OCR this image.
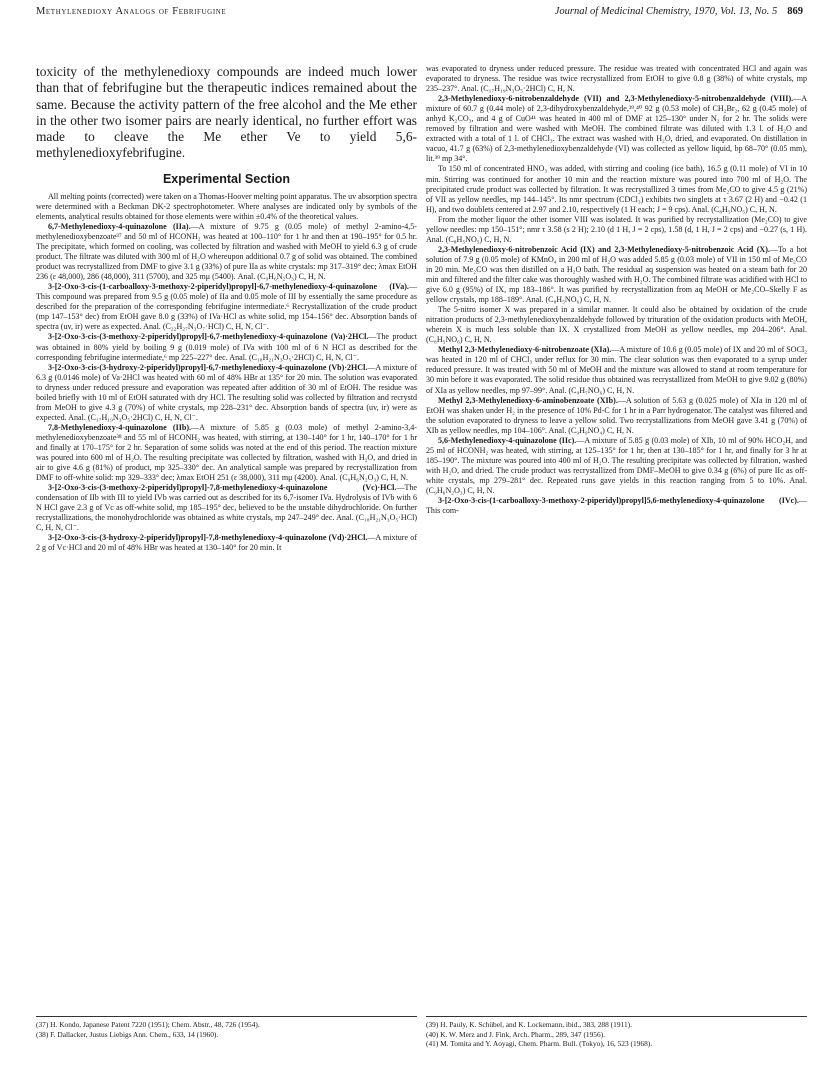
Methylenedioxy Analogs of Febrifugine	Journal of Medicinal Chemistry, 1970, Vol. 13, No. 5 869
toxicity of the methylenedioxy compounds are indeed much lower than that of febrifugine but the therapeutic indices remained about the same. Because the activity pattern of the free alcohol and the Me ether in the other two isomer pairs are nearly identical, no further effort was made to cleave the Me ether Ve to yield 5,6-methylenedioxyfebrifugine.
Experimental Section

All melting points (corrected) were taken on a Thomas-Hoover melting point apparatus. The uv absorption spectra were determined with a Beckman DK-2 spectrophotometer. Where analyses are indicated only by symbols of the elements, analytical results obtained for those elements were within ±0.4% of the theoretical values.

6,7-Methylenedioxy-4-quinazolone (IIa).—A mixture of 9.75 g (0.05 mole) of methyl 2-amino-4,5-methylenedioxybenzoate³⁷ and 50 ml of HCONH₂ was heated at 100–110° for 1 hr and then at 190–195° for 0.5 hr. The precipitate, which formed on cooling, was collected by filtration and washed with MeOH to yield 6.3 g of crude product. The filtrate was diluted with 300 ml of H₂O whereupon additional 0.7 g of solid was obtained. The combined product was recrystallized from DMF to give 3.1 g (33%) of pure IIa as white crystals: mp 317–319° dec; λmax EtOH 236 (ε 48,000), 286 (48,000), 311 (5700), and 325 mμ (5400). Anal. (C₉H₆N₂O₃) C, H, N.

3-[2-Oxo-3-cis-(1-carboalloxy-3-methoxy-2-piperidyl)propyl]-6,7-methylenedioxy-4-quinazolone (IVa).—This compound was prepared from 9.5 g (0.05 mole) of IIa and 0.05 mole of III by essentially the same procedure as described for the preparation of the corresponding febrifugine intermediate.⁶ Recrystallization of the crude product (mp 147–153° dec) from EtOH gave 8.0 g (33%) of IVa·HCl as white solid, mp 154–156° dec. Absorption bands of spectra (uv, ir) were as expected. Anal. (C₂₂H₂₇N₃O₇·HCl) C, H, N, Cl⁻.

3-[2-Oxo-3-cis-(3-methoxy-2-piperidyl)propyl]-6,7-methylenedioxy-4-quinazolone (Va)·2HCl.—The product was obtained in 80% yield by boiling 9 g (0.019 mole) of IVa with 100 ml of 6 N HCl as described for the corresponding febrifugine intermediate,⁶ mp 225–227° dec. Anal. (C₁₈H₂₁N₃O₅·2HCl) C, H, N, Cl⁻.

3-[2-Oxo-3-cis-(3-hydroxy-2-piperidyl)propyl]-6,7-methylenedioxy-4-quinazolone (Vb)·2HCl.—A mixture of 6.3 g (0.0146 mole) of Va·2HCl was heated with 60 ml of 48% HBr at 135° for 20 min. The solution was evaporated to dryness under reduced pressure and evaporation was repeated after addition of 30 ml of EtOH. The residue was boiled briefly with 10 ml of EtOH saturated with dry HCl. The resulting solid was collected by filtration and recrystd from MeOH to give 4.3 g (70%) of white crystals, mp 228–231° dec. Absorption bands of spectra (uv, ir) were as expected. Anal. (C₁₇H₁₉N₃O₅·2HCl) C, H, N, Cl⁻.

7,8-Methylenedioxy-4-quinazolone (IIb).—A mixture of 5.85 g (0.03 mole) of methyl 2-amino-3,4-methylenedioxybenzoate³⁸ and 55 ml of HCONH₂ was heated, with stirring, at 130–140° for 1 hr, 140–170° for 1 hr and finally at 170–175° for 2 hr. Separation of some solids was noted at the end of this period. The reaction mixture was poured into 600 ml of H₂O. The resulting precipitate was collected by filtration, washed with H₂O, and dried in air to give 4.6 g (81%) of product, mp 325–330° dec. An analytical sample was prepared by recrystallization from DMF to off-white solid: mp 329–333° dec; λmax EtOH 251 (ε 38,000), 311 mμ (4200). Anal. (C₉H₆N₂O₃) C, H, N.

3-[2-Oxo-3-cis-(3-methoxy-2-piperidyl)propyl]-7,8-methylenedioxy-4-quinazolone (Vc)·HCl.—The condensation of IIb with III to yield IVb was carried out as described for its 6,7-isomer IVa. Hydrolysis of IVb with 6 N HCl gave 2.3 g of Vc as off-white solid, mp 185–195° dec, believed to be the unstable dihydrochloride. On further recrystallizations, the monohydrochloride was obtained as white crystals, mp 247–249° dec. Anal. (C₁₈H₂₁N₃O₅·HCl) C, H, N, Cl⁻.

3-[2-Oxo-3-cis-(3-hydroxy-2-piperidyl)propyl]-7,8-methylenedioxy-4-quinazolone (Vd)·2HCl.—A mixture of 2 g of Vc·HCl and 20 ml of 48% HBr was heated at 130–140° for 20 min. It

was evaporated to dryness under reduced pressure. The residue was treated with concentrated HCl and again was evaporated to dryness. The residue was twice recrystallized from EtOH to give 0.8 g (38%) of white crystals, mp 235–237°. Anal. (C₁₇H₁₉N₃O₅·2HCl) C, H, N.

2,3-Methylenedioxy-6-nitrobenzaldehyde (VII) and 2,3-Methylenedioxy-5-nitrobenzaldehyde (VIII).—A mixture of 60.7 g (0.44 mole) of 2,3-dihydroxybenzaldehyde,³⁹,⁴⁰ 92 g (0.53 mole) of CH₂Br₂, 62 g (0.45 mole) of anhyd K₂CO₃, and 4 g of CuO⁴¹ was heated in 400 ml of DMF at 125–130° under N₂ for 2 hr. The solids were removed by filtration and were washed with MeOH. The combined filtrate was diluted with 1.3 l. of H₂O and extracted with a total of 1 l. of CHCl₃. The extract was washed with H₂O, dried, and evaporated. On distillation in vacuo, 41.7 g (63%) of 2,3-methylenedioxybenzaldehyde (VI) was collected as yellow liquid, bp 68–70° (0.05 mm), lit.³⁹ mp 34°.

To 150 ml of concentrated HNO₃ was added, with stirring and cooling (ice bath), 16.5 g (0.11 mole) of VI in 10 min. Stirring was continued for another 10 min and the reaction mixture was poured into 700 ml of H₂O. The precipitated crude product was collected by filtration. It was recrystallized 3 times from Me₂CO to give 4.5 g (21%) of VII as yellow needles, mp 144–145°. Its nmr spectrum (CDCl₃) exhibits two singlets at τ 3.67 (2 H) and −0.42 (1 H), and two doublets centered at 2.97 and 2.10, respectively (1 H each; J = 9 cps). Anal. (C₈H₅NO₅) C, H, N.

From the mother liquor the other isomer VIII was isolated. It was purified by recrystallization (Me₂CO) to give yellow needles: mp 150–151°; nmr τ 3.58 (s 2 H); 2.10 (d 1 H, J = 2 cps), 1.58 (d, 1 H, J = 2 cps) and −0.27 (s, 1 H). Anal. (C₈H₅NO₅) C, H, N.

2,3-Methylenedioxy-6-nitrobenzoic Acid (IX) and 2,3-Methylenedioxy-5-nitrobenzoic Acid (X).—To a hot solution of 7.9 g (0.05 mole) of KMnO₄ in 200 ml of H₂O was added 5.85 g (0.03 mole) of VII in 150 ml of Me₂CO in 20 min. Me₂CO was then distilled on a H₂O bath. The residual aq suspension was heated on a steam bath for 20 min and filtered and the filter cake was thoroughly washed with H₂O. The combined filtrate was acidified with HCl to give 6.0 g (95%) of IX, mp 183–186°. It was purified by recrystallization from aq MeOH or Me₂CO–Skelly F as yellow crystals, mp 188–189°. Anal. (C₈H₅NO₆) C, H, N.

The 5-nitro isomer X was prepared in a similar manner. It could also be obtained by oxidation of the crude nitration products of 2,3-methylenedioxybenzaldehyde followed by trituration of the oxidation products with MeOH, wherein X is much less soluble than IX. X crystallized from MeOH as yellow needles, mp 204–206°. Anal. (C₈H₅NO₆) C, H, N.

Methyl 2,3-Methylenedioxy-6-nitrobenzoate (XIa).—A mixture of 10.6 g (0.05 mole) of IX and 20 ml of SOCl₂ was heated in 120 ml of CHCl₃ under reflux for 30 min. The clear solution was then evaporated to a syrup under reduced pressure. It was treated with 50 ml of MeOH and the mixture was allowed to stand at room temperature for 30 min before it was evaporated. The solid residue thus obtained was recrystallized from MeOH to give 9.02 g (80%) of XIa as yellow needles, mp 97–99°. Anal. (C₉H₇NO₆) C, H, N.

Methyl 2,3-Methylenedioxy-6-aminobenzoate (XIb).—A solution of 5.63 g (0.025 mole) of XIa in 120 ml of EtOH was shaken under H₂ in the presence of 10% Pd-C for 1 hr in a Parr hydrogenator. The catalyst was filtered and the solution evaporated to dryness to leave a yellow solid. Two recrystallizations from MeOH gave 3.41 g (70%) of XIb as yellow needles, mp 104–106°. Anal. (C₉H₉NO₄) C, H, N.

5,6-Methylenedioxy-4-quinazolone (IIc).—A mixture of 5.85 g (0.03 mole) of XIb, 10 ml of 90% HCO₂H, and 25 ml of HCONH₂ was heated, with stirring, at 125–135° for 1 hr, then at 130–185° for 1 hr, and finally for 3 hr at 185–190°. The mixture was poured into 400 ml of H₂O. The resulting precipitate was collected by filtration, washed with H₂O, and dried. The crude product was recrystallized from DMF–MeOH to give 0.34 g (6%) of pure IIc as off-white crystals, mp 279–281° dec. Repeated runs gave yields in this reaction ranging from 5 to 10%. Anal. (C₉H₆N₂O₃) C, H, N.

3-[2-Oxo-3-cis-(1-carboalloxy-3-methoxy-2-piperidyl)propyl]5,6-methylenedioxy-4-quinazolone (IVc).—This com-

(37) H. Kondo, Japanese Patent 7220 (1951); Chem. Abstr., 48, 726 (1954).
(38) F. Dallacker, Justus Liebigs Ann. Chem., 633, 14 (1960).
(39) H. Pauly, K. Schübel, and K. Lockemann, ibid., 383, 288 (1911).
(40) K. W. Merz and J. Fink, Arch. Pharm., 289, 347 (1956).
(41) M. Tomita and Y. Aoyagi, Chem. Pharm. Bull. (Tokyo), 16, 523 (1968).
